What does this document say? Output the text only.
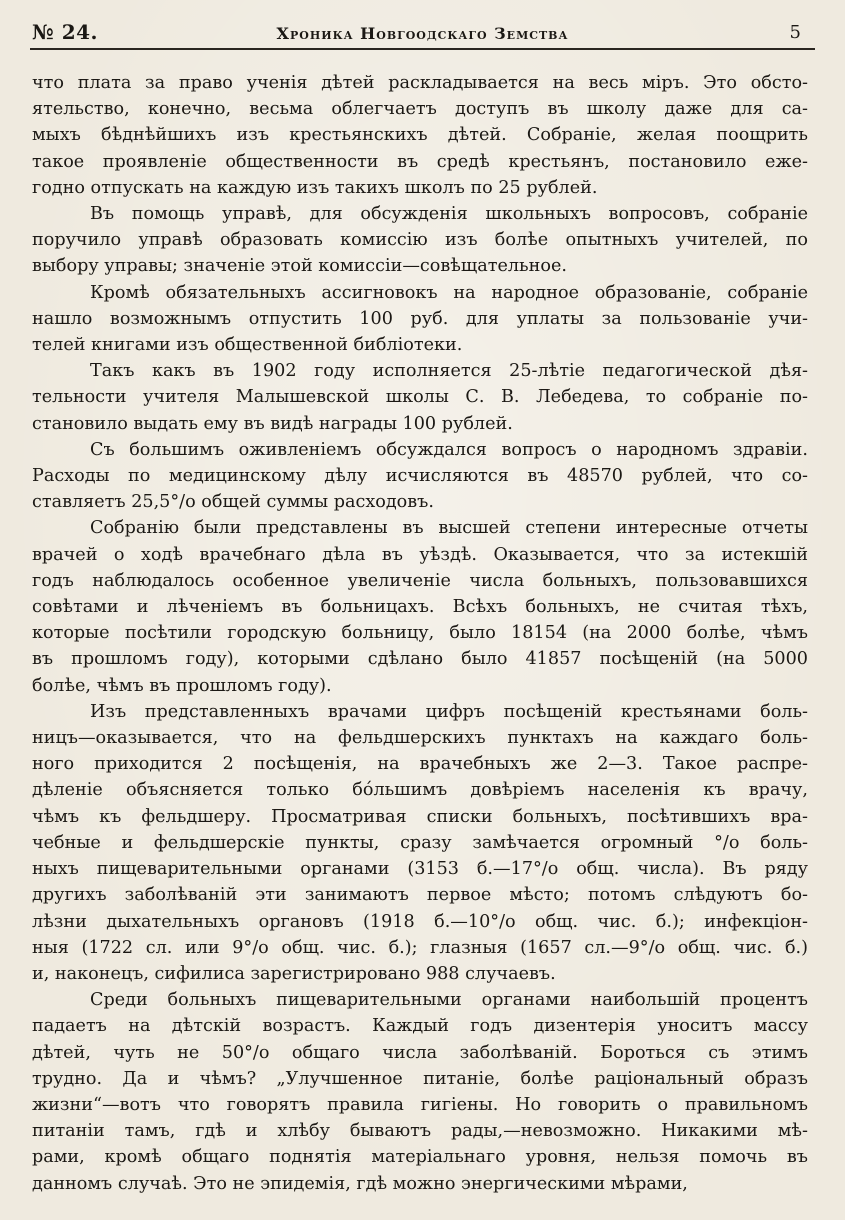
№ 24.	Хроника Новгоодскаго Земства	5
что плата за право ученія дѣтей раскладывается на весь міръ. Это обсто-
ятельство, конечно, весьма облегчаетъ доступъ въ школу даже для са-
мыхъ бѣднѣйшихъ изъ крестьянскихъ дѣтей. Собраніе, желая поощрить
такое проявленіе общественности въ средѣ крестьянъ, постановило еже-
годно отпускать на каждую изъ такихъ школъ по 25 рублей.
Въ помощь управѣ, для обсужденія школьныхъ вопросовъ, собраніе
поручило управѣ образовать комиссію изъ болѣе опытныхъ учителей, по
выбору управы; значеніе этой комиссіи—совѣщательное.
Кромѣ обязательныхъ ассигновокъ на народное образованіе, собраніе
нашло возможнымъ отпустить 100 руб. для уплаты за пользованіе учи-
телей книгами изъ общественной библіотеки.
Такъ какъ въ 1902 году исполняется 25-лѣтіе педагогической дѣя-
тельности учителя Малышевской школы С. В. Лебедева, то собраніе по-
становило выдать ему въ видѣ награды 100 рублей.
Съ большимъ оживленіемъ обсуждался вопросъ о народномъ здравіи.
Расходы по медицинскому дѣлу исчисляются въ 48570 рублей, что со-
ставляетъ 25,5°/о общей суммы расходовъ.
Собранію были представлены въ высшей степени интересные отчеты
врачей о ходѣ врачебнаго дѣла въ уѣздѣ. Оказывается, что за истекшій
годъ наблюдалось особенное увеличеніе числа больныхъ, пользовавшихся
совѣтами и лѣченіемъ въ больницахъ. Всѣхъ больныхъ, не считая тѣхъ,
которые посѣтили городскую больницу, было 18154 (на 2000 болѣе, чѣмъ
въ прошломъ году), которыми сдѣлано было 41857 посѣщеній (на 5000
болѣе, чѣмъ въ прошломъ году).
Изъ представленныхъ врачами цифръ посѣщеній крестьянами боль-
ницъ—оказывается, что на фельдшерскихъ пунктахъ на каждаго боль-
ного приходится 2 посѣщенія, на врачебныхъ же 2—3. Такое распре-
дѣленіе объясняется только бо́льшимъ довѣріемъ населенія къ врачу,
чѣмъ къ фельдшеру. Просматривая списки больныхъ, посѣтившихъ вра-
чебные и фельдшерскіе пункты, сразу замѣчается огромный °/о боль-
ныхъ пищеварительными органами (3153 б.—17°/о общ. числа). Въ ряду
другихъ заболѣваній эти занимаютъ первое мѣсто; потомъ слѣдуютъ бо-
лѣзни дыхательныхъ органовъ (1918 б.—10°/о общ. чис. б.); инфекціон-
ныя (1722 сл. или 9°/о общ. чис. б.); глазныя (1657 сл.—9°/о общ. чис. б.)
и, наконецъ, сифилиса зарегистрировано 988 случаевъ.
Среди больныхъ пищеварительными органами наибольшій процентъ
падаетъ на дѣтскій возрастъ. Каждый годъ дизентерія уноситъ массу
дѣтей, чуть не 50°/о общаго числа заболѣваній. Бороться съ этимъ
трудно. Да и чѣмъ? „Улучшенное питаніе, болѣе раціональный образъ
жизни“—вотъ что говорятъ правила гигіены. Но говорить о правильномъ
питаніи тамъ, гдѣ и хлѣбу бываютъ рады,—невозможно. Никакими мѣ-
рами, кромѣ общаго поднятія матеріальнаго уровня, нельзя помочь въ
данномъ случаѣ. Это не эпидемія, гдѣ можно энергическими мѣрами,
